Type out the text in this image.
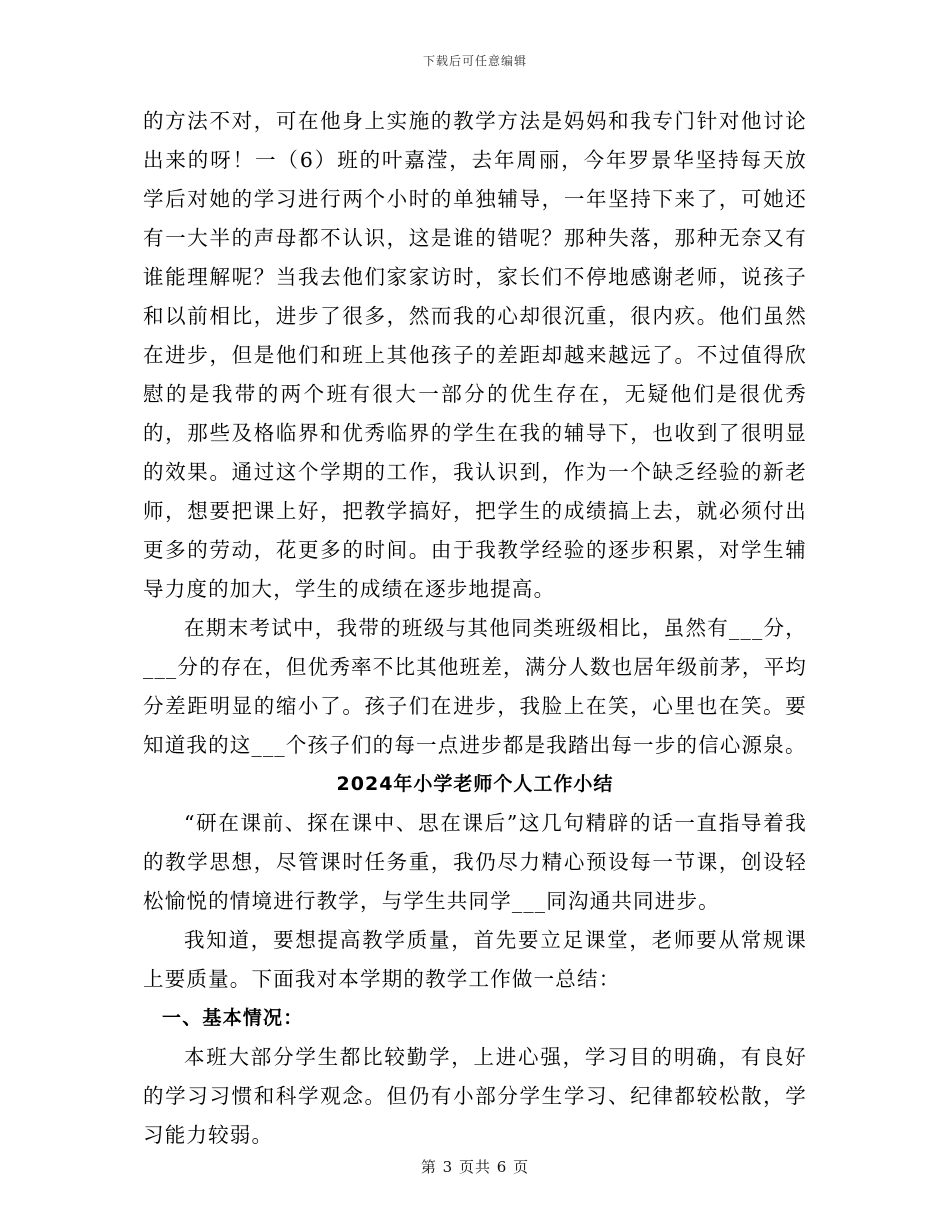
下载后可任意编辑

的方法不对，可在他身上实施的教学方法是妈妈和我专门针对他讨论出来的呀！一（6）班的叶嘉滢，去年周丽，今年罗景华坚持每天放学后对她的学习进行两个小时的单独辅导，一年坚持下来了，可她还有一大半的声母都不认识，这是谁的错呢？那种失落，那种无奈又有谁能理解呢？当我去他们家家访时，家长们不停地感谢老师，说孩子和以前相比，进步了很多，然而我的心却很沉重，很内疚。他们虽然在进步，但是他们和班上其他孩子的差距却越来越远了。不过值得欣慰的是我带的两个班有很大一部分的优生存在，无疑他们是很优秀的，那些及格临界和优秀临界的学生在我的辅导下，也收到了很明显的效果。通过这个学期的工作，我认识到，作为一个缺乏经验的新老师，想要把课上好，把教学搞好，把学生的成绩搞上去，就必须付出更多的劳动，花更多的时间。由于我教学经验的逐步积累，对学生辅导力度的加大，学生的成绩在逐步地提高。

在期末考试中，我带的班级与其他同类班级相比，虽然有___分，___分的存在，但优秀率不比其他班差，满分人数也居年级前茅，平均分差距明显的缩小了。孩子们在进步，我脸上在笑，心里也在笑。要知道我的这___个孩子们的每一点进步都是我踏出每一步的信心源泉。

2024年小学老师个人工作小结

“研在课前、探在课中、思在课后”这几句精辟的话一直指导着我的教学思想，尽管课时任务重，我仍尽力精心预设每一节课，创设轻松愉悦的情境进行教学，与学生共同学___同沟通共同进步。

我知道，要想提高教学质量，首先要立足课堂，老师要从常规课上要质量。下面我对本学期的教学工作做一总结：

一、基本情况：

本班大部分学生都比较勤学，上进心强，学习目的明确，有良好的学习习惯和科学观念。但仍有小部分学生学习、纪律都较松散，学习能力较弱。

第 3 页共 6 页
